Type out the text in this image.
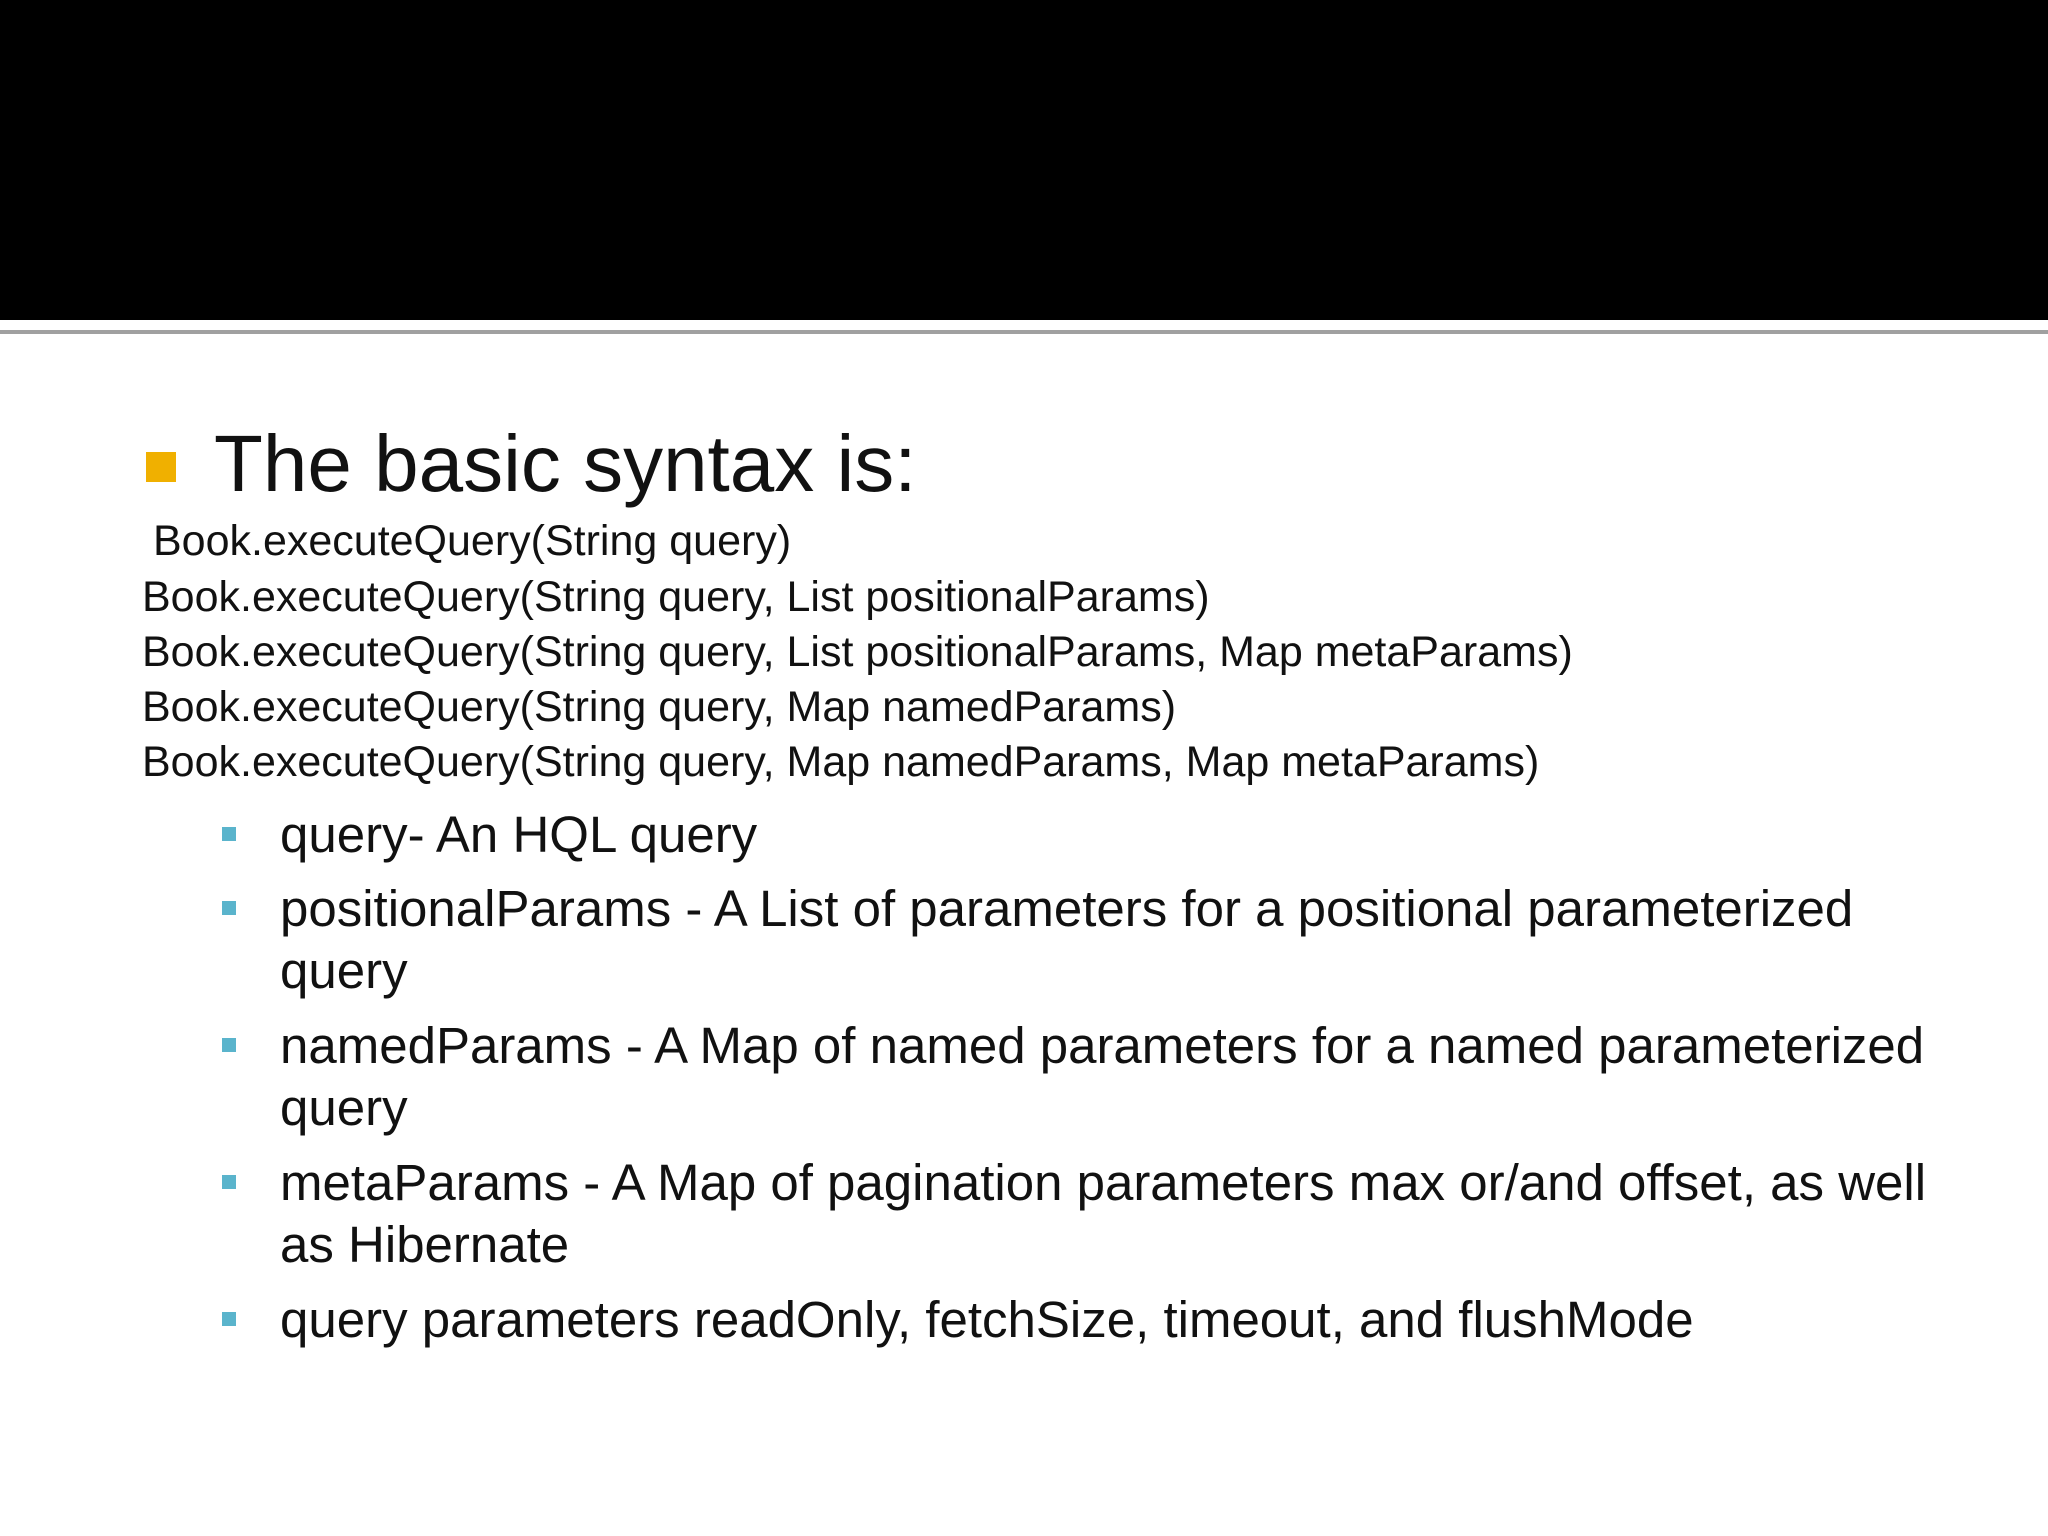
The basic syntax is:
Book.executeQuery(String query)
Book.executeQuery(String query, List positionalParams)
Book.executeQuery(String query, List positionalParams, Map metaParams)
Book.executeQuery(String query, Map namedParams)
Book.executeQuery(String query, Map namedParams, Map metaParams)
query- An HQL query
positionalParams - A List of parameters for a positional parameterized query
namedParams - A Map of named parameters for a named parameterized query
metaParams - A Map of pagination parameters max or/and offset, as well as Hibernate
query parameters readOnly, fetchSize, timeout, and flushMode
